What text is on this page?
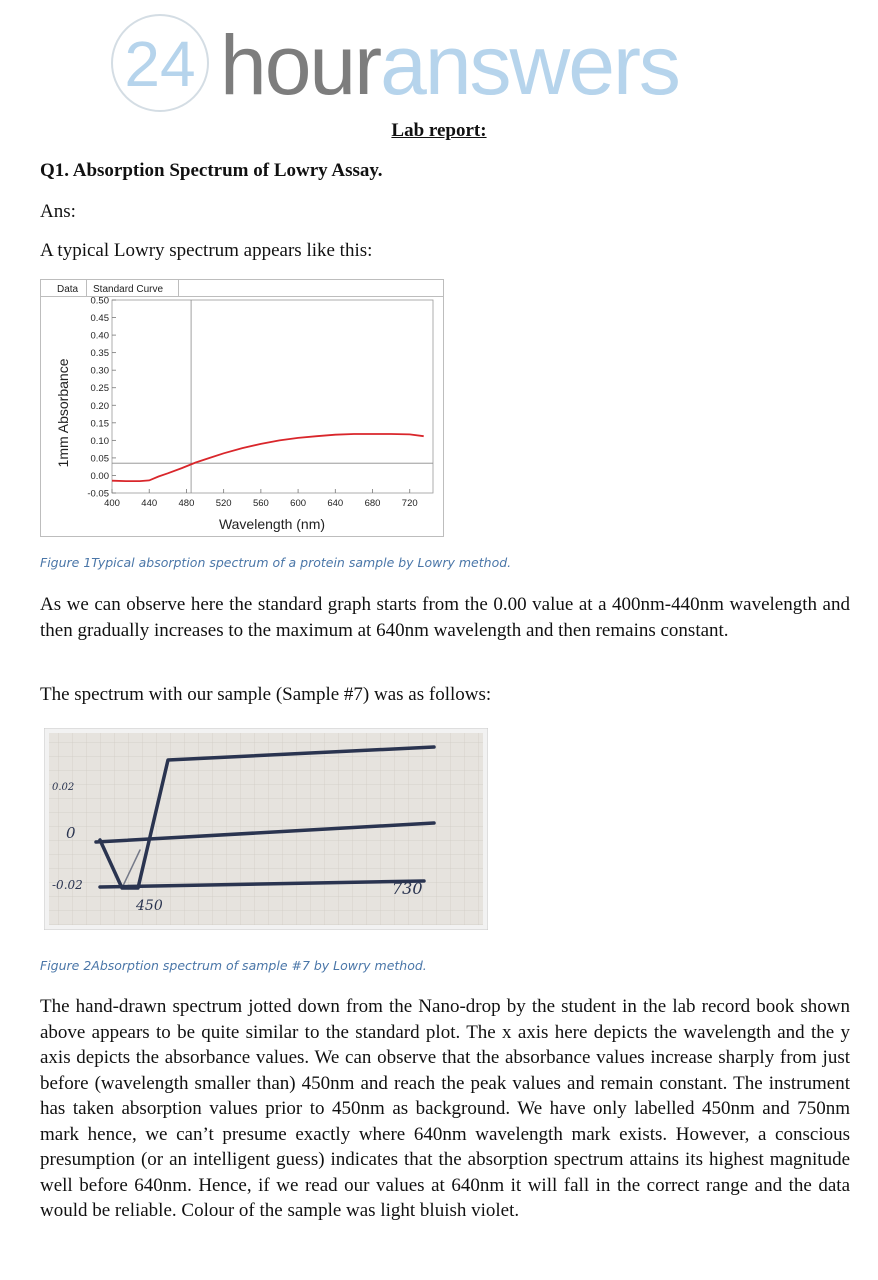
24 houranswers
Lab report:
Q1. Absorption Spectrum of Lowry Assay.
Ans:
A typical Lowry spectrum appears like this:
Data Standard Curve
-0.05
0.00
0.05
0.10
0.15
0.20
0.25
0.30
0.35
0.40
0.45
0.50
400 440 480 520 560 600 640 680 720
1mm Absorbance
Wavelength (nm)
Figure 1Typical absorption spectrum of a protein sample by Lowry method.
As we can observe here the standard graph starts from the 0.00 value at a 400nm-440nm wavelength and then gradually increases to the maximum at 640nm wavelength and then remains constant.
The spectrum with our sample (Sample #7) was as follows:
0.02
0
-0.02
450
730
Figure 2Absorption spectrum of sample #7 by Lowry method.
The hand-drawn spectrum jotted down from the Nano-drop by the student in the lab record book shown above appears to be quite similar to the standard plot. The x axis here depicts the wavelength and the y axis depicts the absorbance values. We can observe that the absorbance values increase sharply from just before (wavelength smaller than) 450nm and reach the peak values and remain constant. The instrument has taken absorption values prior to 450nm as background. We have only labelled 450nm and 750nm mark hence, we can’t presume exactly where 640nm wavelength mark exists. However, a conscious presumption (or an intelligent guess) indicates that the absorption spectrum attains its highest magnitude well before 640nm. Hence, if we read our values at 640nm it will fall in the correct range and the data would be reliable. Colour of the sample was light bluish violet.
